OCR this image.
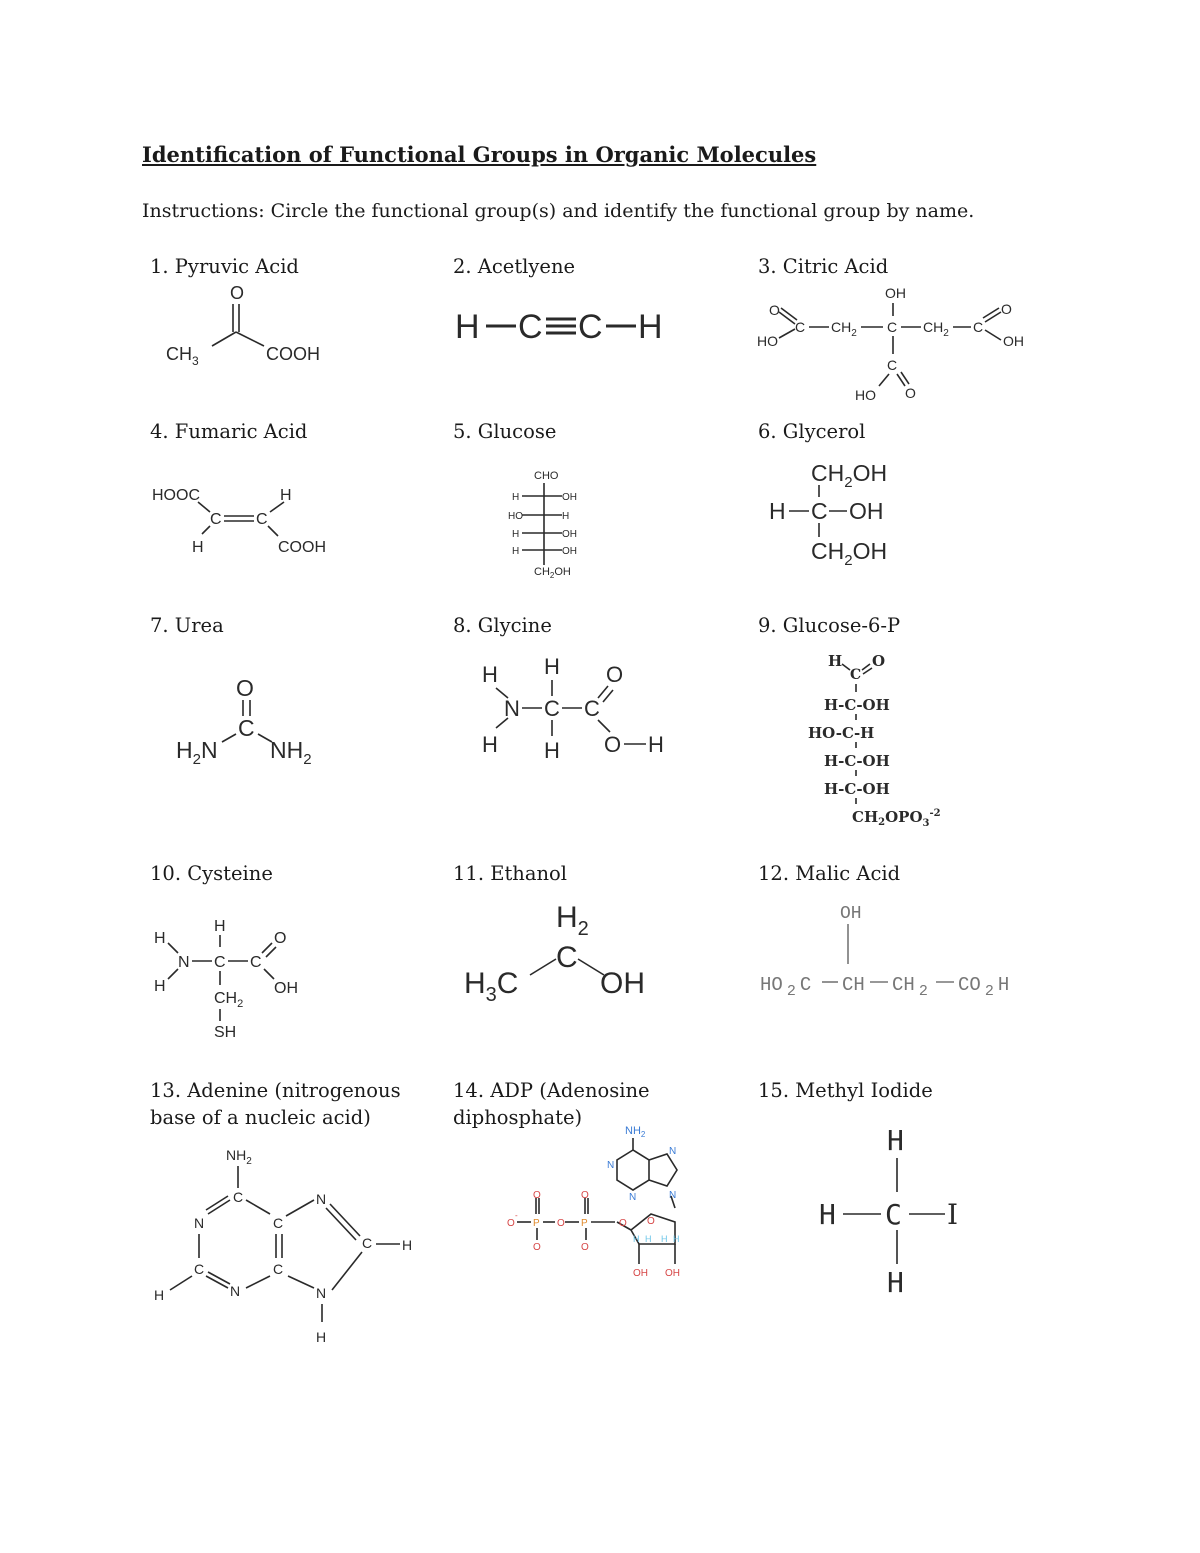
Identification of Functional Groups in Organic Molecules

Instructions: Circle the functional group(s) and identify the functional group by name.

1. Pyruvic Acid
O
$CH_3$	COOH
2. Acetlyene
H C C H
3. Citric Acid
OH
O
HO
C $CH_2$ C $CH_2$ C
O
OH
C
HO O
4. Fumaric Acid
HOOC	H
C C
H	COOH
5. Glucose
CHO
H	OH
HO	H
H	OH
H	OH
$CH_2OH$
6. Glycerol
$CH_2OH$
H C OH
$CH_2OH$
7. Urea
O
C
$H_2N$ $NH_2$
8. Glycine
H H O
N C C
H H O H
9. Glucose-6-P
H
C
O
H-C-OH
HO-C-H
H-C-OH
H-C-OH
$CH_2OPO_3^{-2}$
10. Cysteine
H
H
N C C
O
H	OH
$CH_2$
SH
11. Ethanol
$H_2$
C
$H_3C$	OH
12. Malic Acid
OH
HO $_2$ C CH CH $_2$ CO $_2$ H
13. Adenine (nitrogenous
base of a nucleic acid)
$NH_2$
C
N	C
N
C	C
C H
H	N	N
H
14. ADP (Adenosine
diphosphate)
$NH_2$
N
N
N
N
O
H H H H
OH OH
O
P
O
O
O
P
O
O
O
-
15. Methyl Iodide
H
H C I
H
